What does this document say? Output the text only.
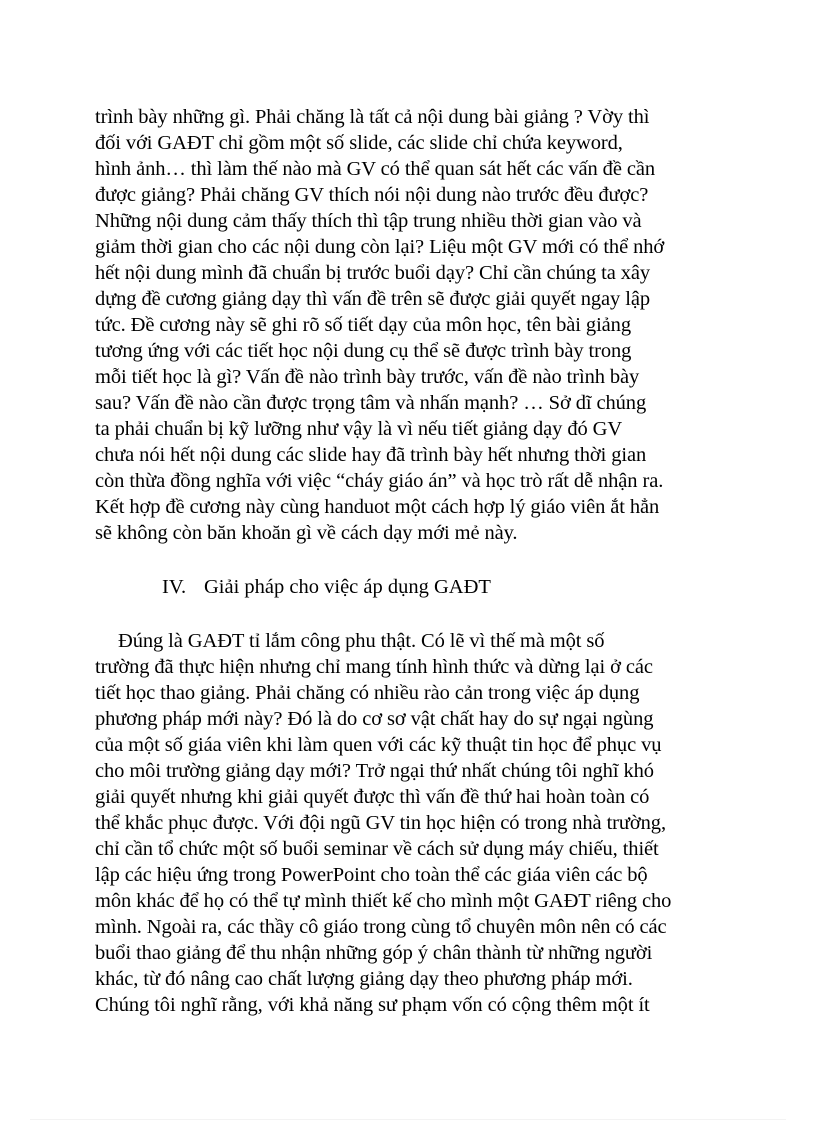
trình bày những gì. Phải chăng là tất cả nội dung bài giảng ? Vờy thì
đối với GAĐT chỉ gồm một số slide, các slide chỉ chứa keyword,
hình ảnh… thì làm thế nào mà GV có thể quan sát hết các vấn đề cần
được giảng? Phải chăng GV thích nói nội dung nào trước đều được?
Những nội dung cảm thấy thích thì tập trung nhiều thời gian vào và
giảm thời gian cho các nội dung còn lại? Liệu một GV mới có thể nhớ
hết nội dung mình đã chuẩn bị trước buổi dạy? Chỉ cần chúng ta xây
dựng đề cương giảng dạy thì vấn đề trên sẽ được giải quyết ngay lập
tức. Đề cương này sẽ ghi rõ số tiết dạy của môn học, tên bài giảng
tương ứng với các tiết học nội dung cụ thể sẽ được trình bày trong
mỗi tiết học là gì? Vấn đề nào trình bày trước, vấn đề nào trình bày
sau? Vấn đề nào cần được trọng tâm và nhấn mạnh? … Sở dĩ chúng
ta phải chuẩn bị kỹ lưỡng như vậy là vì nếu tiết giảng dạy đó GV
chưa nói hết nội dung các slide hay đã trình bày hết nhưng thời gian
còn thừa đồng nghĩa với việc “cháy giáo án” và học trò rất dễ nhận ra.
Kết hợp đề cương này cùng handuot một cách hợp lý giáo viên ắt hẳn
sẽ không còn băn khoăn gì về cách dạy mới mẻ này.
IV. Giải pháp cho việc áp dụng GAĐT
Đúng là GAĐT tỉ lắm công phu thật. Có lẽ vì thế mà một số
trường đã thực hiện nhưng chỉ mang tính hình thức và dừng lại ở các
tiết học thao giảng. Phải chăng có nhiều rào cản trong việc áp dụng
phương pháp mới này? Đó là do cơ sơ vật chất hay do sự ngại ngùng
của một số giáa viên khi làm quen với các kỹ thuật tin học để phục vụ
cho môi trường giảng dạy mới? Trở ngại thứ nhất chúng tôi nghĩ khó
giải quyết nhưng khi giải quyết được thì vấn đề thứ hai hoàn toàn có
thể khắc phục được. Với đội ngũ GV tin học hiện có trong nhà trường,
chỉ cần tổ chức một số buổi seminar về cách sử dụng máy chiếu, thiết
lập các hiệu ứng trong PowerPoint cho toàn thể các giáa viên các bộ
môn khác để họ có thể tự mình thiết kế cho mình một GAĐT riêng cho
mình. Ngoài ra, các thầy cô giáo trong cùng tổ chuyên môn nên có các
buổi thao giảng để thu nhận những góp ý chân thành từ những người
khác, từ đó nâng cao chất lượng giảng dạy theo phương pháp mới.
Chúng tôi nghĩ rằng, với khả năng sư phạm vốn có cộng thêm một ít
